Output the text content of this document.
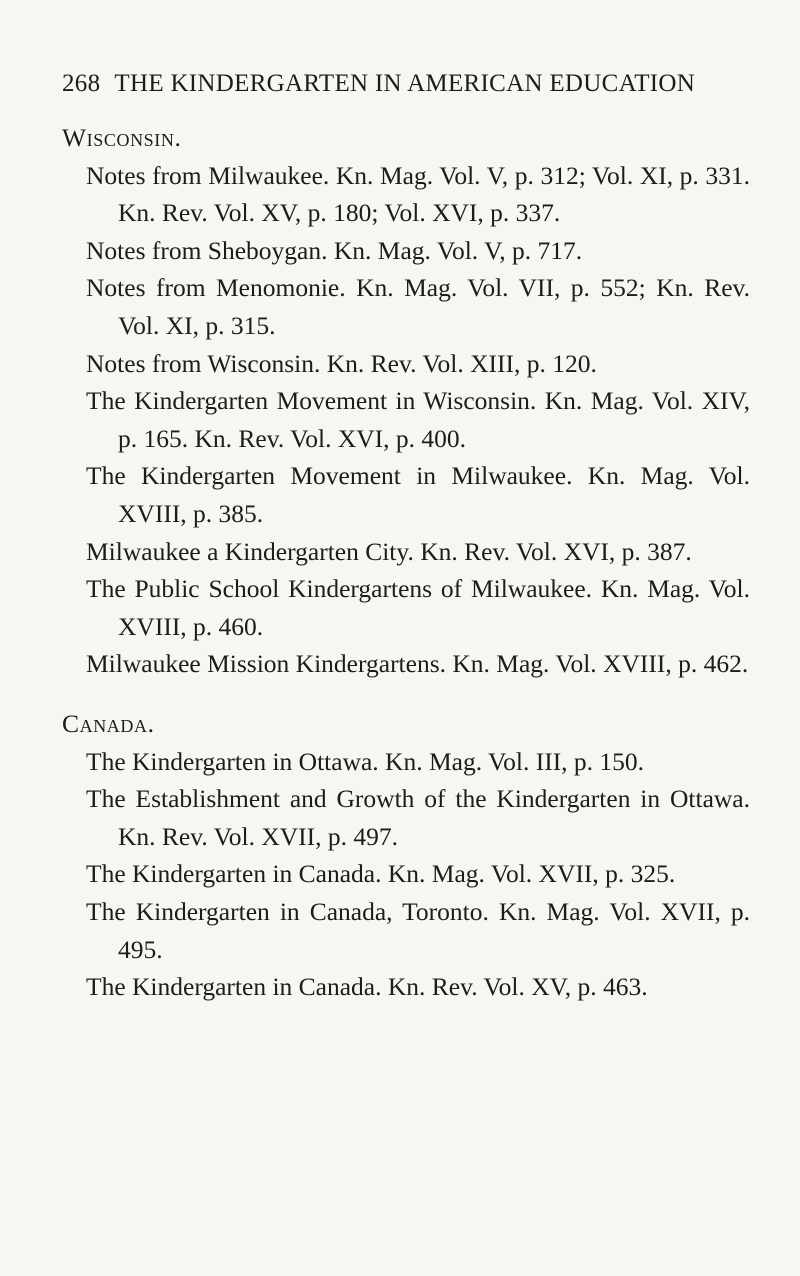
268 THE KINDERGARTEN IN AMERICAN EDUCATION

Wisconsin.

Notes from Milwaukee. Kn. Mag. Vol. V, p. 312; Vol. XI, p. 331. Kn. Rev. Vol. XV, p. 180; Vol. XVI, p. 337.

Notes from Sheboygan. Kn. Mag. Vol. V, p. 717.

Notes from Menomonie. Kn. Mag. Vol. VII, p. 552; Kn. Rev. Vol. XI, p. 315.

Notes from Wisconsin. Kn. Rev. Vol. XIII, p. 120.

The Kindergarten Movement in Wisconsin. Kn. Mag. Vol. XIV, p. 165. Kn. Rev. Vol. XVI, p. 400.

The Kindergarten Movement in Milwaukee. Kn. Mag. Vol. XVIII, p. 385.

Milwaukee a Kindergarten City. Kn. Rev. Vol. XVI, p. 387.

The Public School Kindergartens of Milwaukee. Kn. Mag. Vol. XVIII, p. 460.

Milwaukee Mission Kindergartens. Kn. Mag. Vol. XVIII, p. 462.

Canada.

The Kindergarten in Ottawa. Kn. Mag. Vol. III, p. 150.

The Establishment and Growth of the Kindergarten in Ottawa. Kn. Rev. Vol. XVII, p. 497.

The Kindergarten in Canada. Kn. Mag. Vol. XVII, p. 325.

The Kindergarten in Canada, Toronto. Kn. Mag. Vol. XVII, p. 495.

The Kindergarten in Canada. Kn. Rev. Vol. XV, p. 463.
